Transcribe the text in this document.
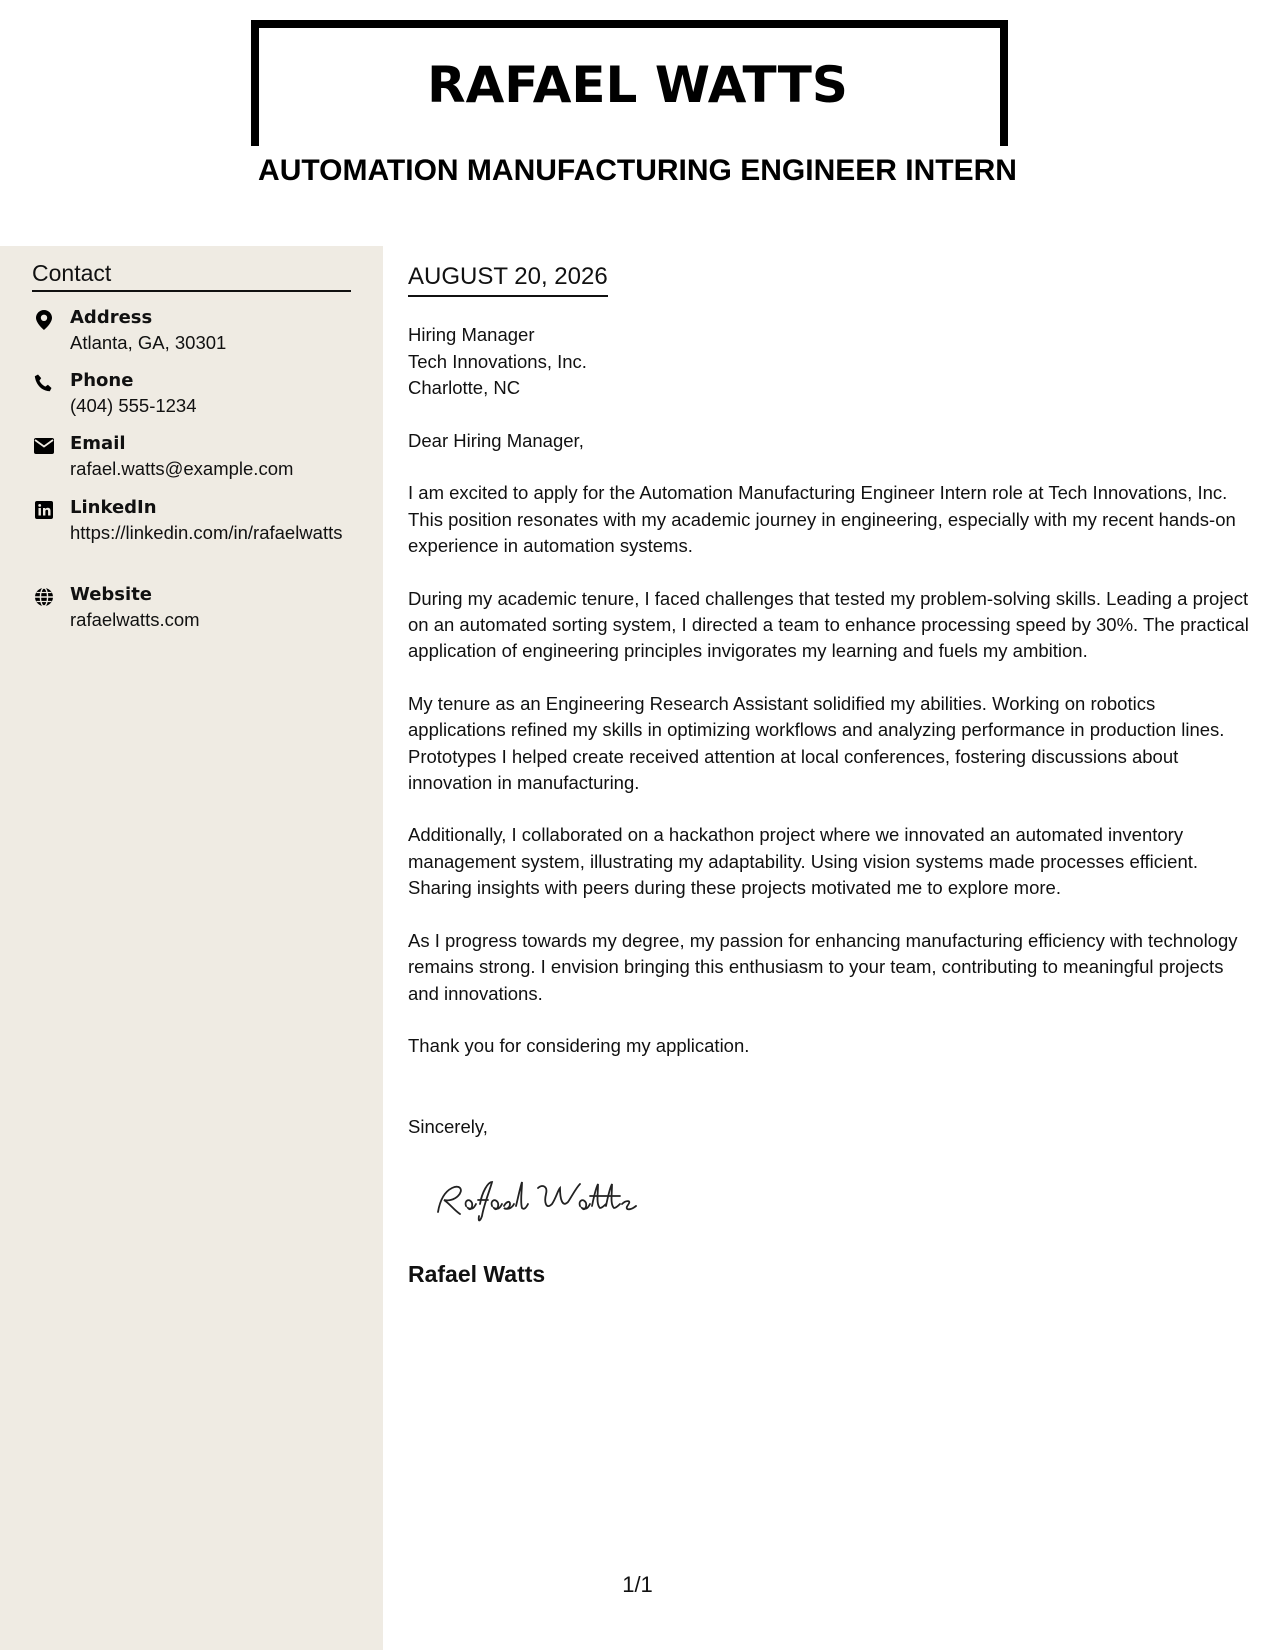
RAFAEL WATTS
AUTOMATION MANUFACTURING ENGINEER INTERN
Contact
Address
Atlanta, GA, 30301
Phone
(404) 555-1234
Email
rafael.watts@example.com
LinkedIn
https://linkedin.com/in/rafaelwatts
Website
rafaelwatts.com
AUGUST 20, 2026
Hiring Manager
Tech Innovations, Inc.
Charlotte, NC

Dear Hiring Manager,

I am excited to apply for the Automation Manufacturing Engineer Intern role at Tech Innovations, Inc. This position resonates with my academic journey in engineering, especially with my recent hands-on experience in automation systems.

During my academic tenure, I faced challenges that tested my problem-solving skills. Leading a project on an automated sorting system, I directed a team to enhance processing speed by 30%. The practical application of engineering principles invigorates my learning and fuels my ambition.

My tenure as an Engineering Research Assistant solidified my abilities. Working on robotics applications refined my skills in optimizing workflows and analyzing performance in production lines. Prototypes I helped create received attention at local conferences, fostering discussions about innovation in manufacturing.

Additionally, I collaborated on a hackathon project where we innovated an automated inventory management system, illustrating my adaptability. Using vision systems made processes efficient. Sharing insights with peers during these projects motivated me to explore more.

As I progress towards my degree, my passion for enhancing manufacturing efficiency with technology remains strong. I envision bringing this enthusiasm to your team, contributing to meaningful projects and innovations.

Thank you for considering my application.

Sincerely,
Rafael Watts
1/1
